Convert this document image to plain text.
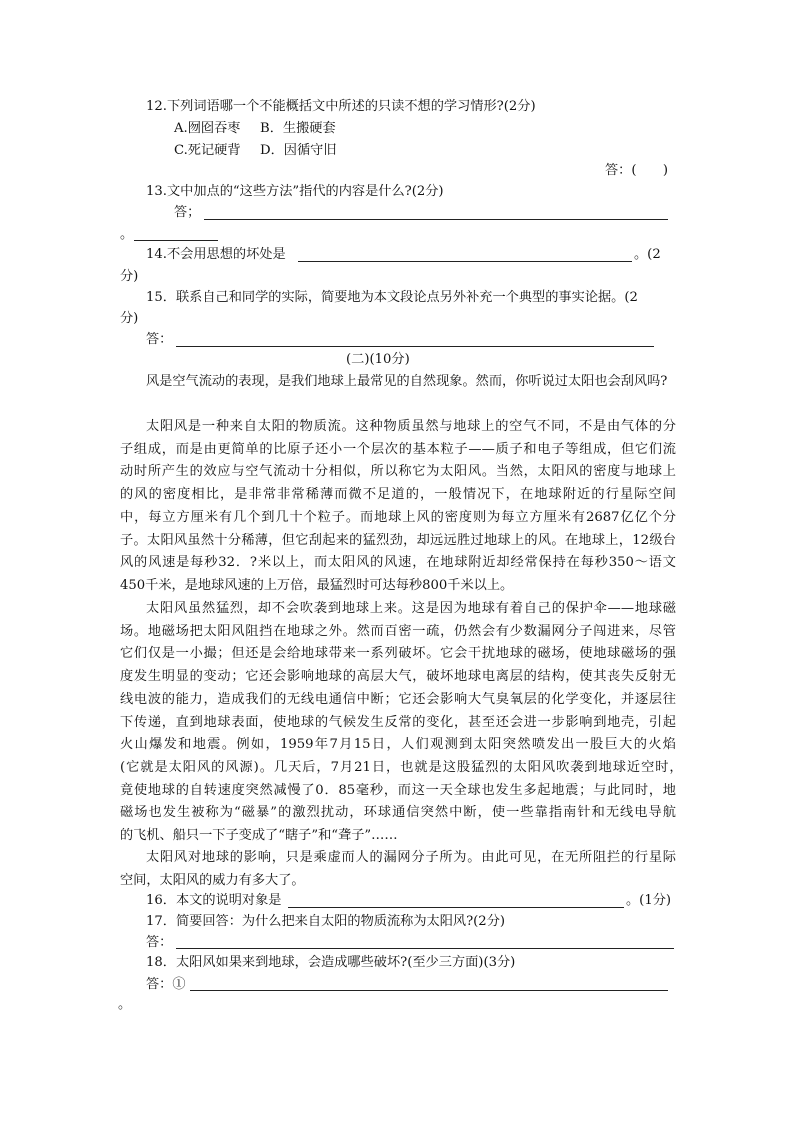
12.下列词语哪一个不能概括文中所述的只读不想的学习情形?(2分)
A.囫囵吞枣 B．生搬硬套
C.死记硬背 D．因循守旧
答：(　　)
13.文中加点的“这些方法”指代的内容是什么?(2分)
答；
。
14.不会用思想的坏处是	。(2
分)
15．联系自己和同学的实际，简要地为本文段论点另外补充一个典型的事实论据。(2
分)
答：
(二)(10分)
风是空气流动的表现，是我们地球上最常见的自然现象。然而，你听说过太阳也会刮风吗?
太阳风是一种来自太阳的物质流。这种物质虽然与地球上的空气不同，不是由气体的分　　子组成，而是由更简单的比原子还小一个层次的基本粒子——质子和电子等组成，但它们流　　　动时所产生的效应与空气流动十分相似，所以称它为太阳风。当然，太阳风的密度与地球上　　　的风的密度相比，是非常非常稀薄而微不足道的，一般情况下，在地球附近的行星际空间　　　中，每立方厘米有几个到几十个粒子。而地球上风的密度则为每立方厘米有2687亿亿个分　　　子。太阳风虽然十分稀薄，但它刮起来的猛烈劲，却远远胜过地球上的风。在地球上，12级台风的风速是每秒32．?米以上，而太阳风的风速，在地球附近却经常保持在每秒350～语文　　450千米，是地球风速的上万倍，最猛烈时可达每秒800千米以上。
太阳风虽然猛烈，却不会吹袭到地球上来。这是因为地球有着自己的保护伞——地球磁　　场。地磁场把太阳风阻挡在地球之外。然而百密一疏，仍然会有少数漏网分子闯进来，尽管　　它们仅是一小撮；但还是会给地球带来一系列破坏。它会干扰地球的磁场，使地球磁场的强　　　度发生明显的变动；它还会影响地球的高层大气，破坏地球电离层的结构，使其丧失反射无　　　线电波的能力，造成我们的无线电通信中断；它还会影响大气臭氧层的化学变化，并逐层往　　　下传递，直到地球表面，使地球的气候发生反常的变化，甚至还会进一步影响到地壳，引起　　　火山爆发和地震。例如，1959年7月15日，人们观测到太阳突然喷发出一股巨大的火焰　　　(它就是太阳风的风源)。几天后，7月21日，也就是这股猛烈的太阳风吹袭到地球近空时，　　　竟使地球的自转速度突然减慢了0．85毫秒，而这一天全球也发生多起地震；与此同时，地　　　磁场也发生被称为“磁暴”的激烈扰动，环球通信突然中断，使一些靠指南针和无线电导航　　　的飞机、船只一下子变成了“瞎子”和“聋子”……
太阳风对地球的影响，只是乘虚而人的漏网分子所为。由此可见，在无所阻拦的行星际　　空间，太阳风的威力有多大了。
16．本文的说明对象是	。(1分)
17．简要回答：为什么把来自太阳的物质流称为太阳风?(2分)
答：
18．太阳风如果来到地球，会造成哪些破坏?(至少三方面)(3分)
答：①
。
